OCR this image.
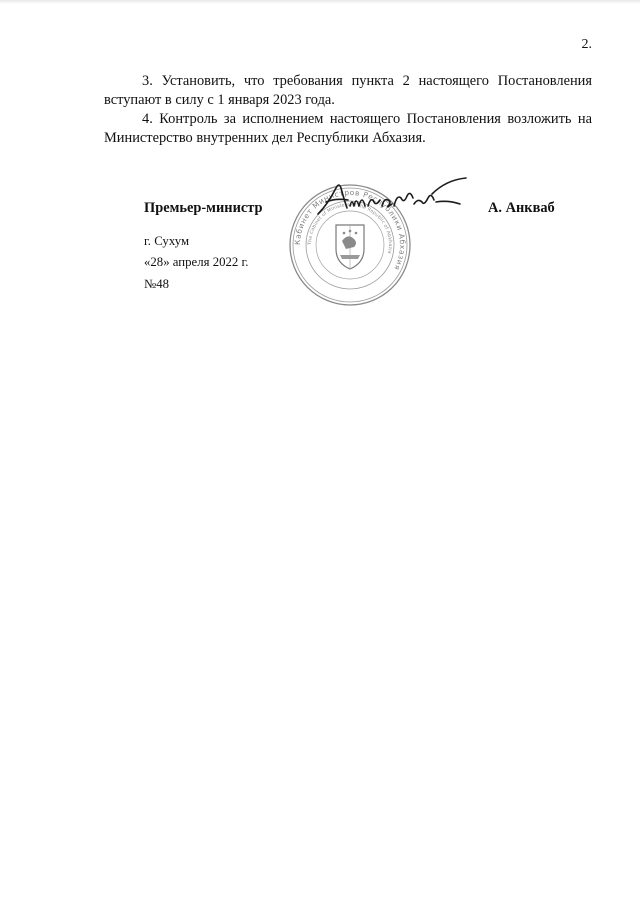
2.

3. Установить, что требования пункта 2 настоящего Постановления вступают в силу с 1 января 2023 года.

4. Контроль за исполнением настоящего Постановления возложить на Министерство внутренних дел Республики Абхазия.

Кабинет Министров Республики Абхазия
The Cabinet of Ministers of the Republic of Abkhazia
Анкваб
Премьер-министр	А. Анкваб
г. Сухум
«28» апреля 2022 г.
№48
